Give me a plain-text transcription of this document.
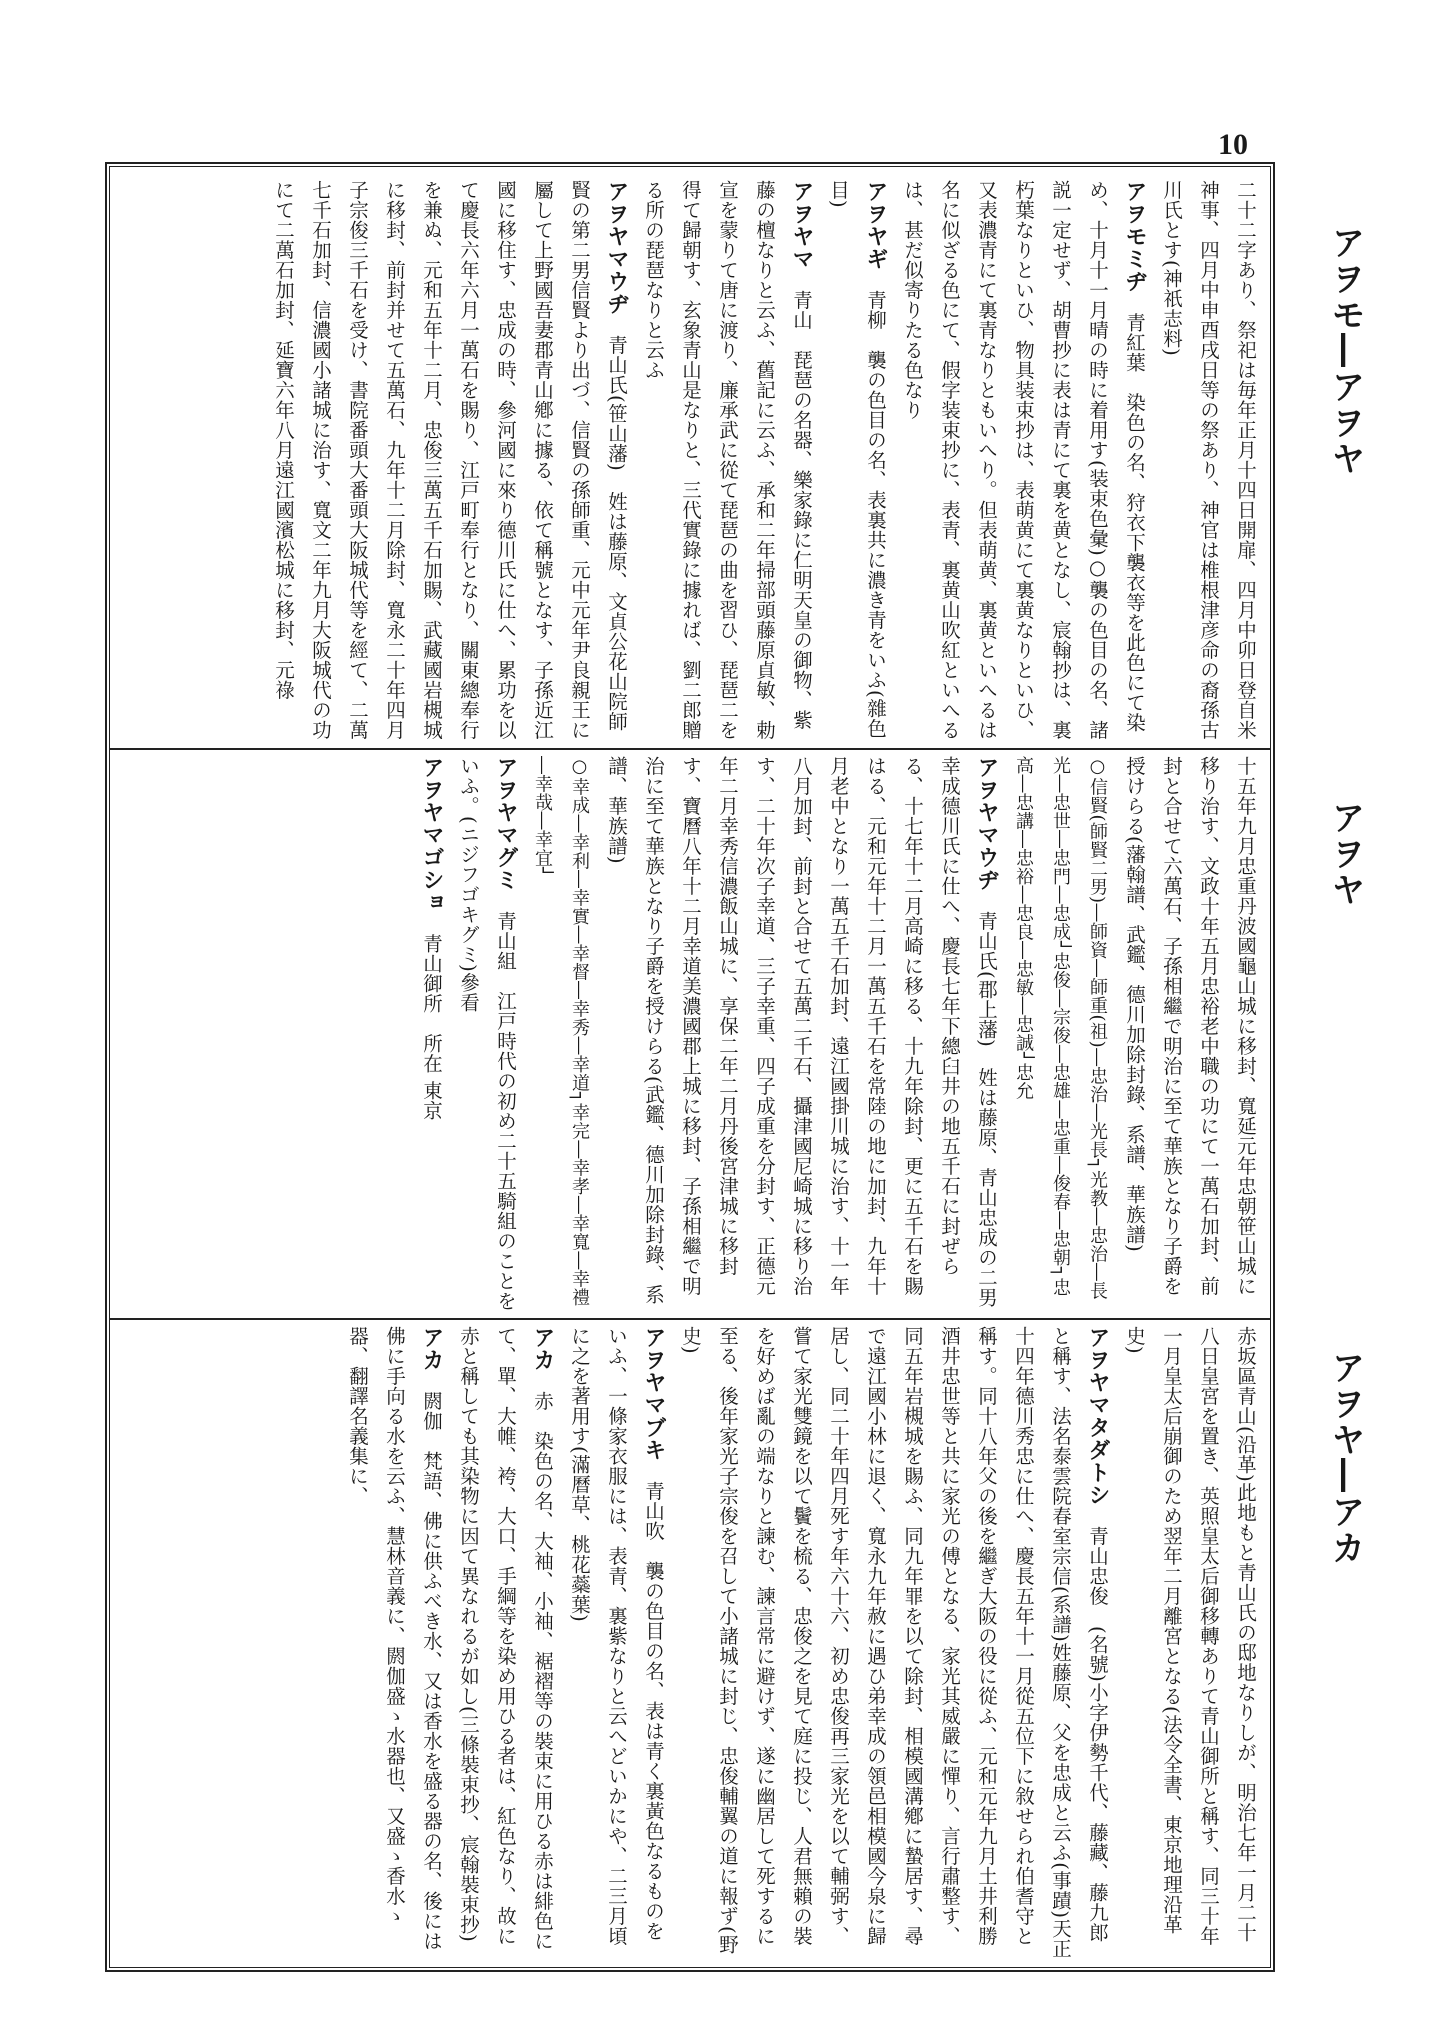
10
アヲモ―アヲヤ
アヲヤ
アヲヤ―アカ

二十二字あり、祭祀は毎年正月十四日開扉、四月中卯日登自米神事、四月中申酉戌日等の祭あり、神官は椎根津彦命の裔孫古川氏とす(神祇志料)

アヲモミヂ青紅葉染色の名、狩衣下襲衣等を此色にて染め、十月十一月晴の時に着用す(装束色彙)○襲の色目の名、諸説一定せず、胡曹抄に表は青にて裏を黄となし、宸翰抄は、裏朽葉なりといひ、物具装束抄は、表萌黄にて裏黄なりといひ、又表濃青にて裏青なりともいへり。但表萌黄、裏黄といへるは名に似ざる色にて、假字装束抄に、表青、裏黄山吹紅といへるは、甚だ似寄りたる色なり

アヲヤギ青柳襲の色目の名、表裏共に濃き青をいふ(雜色目)

アヲヤマ青山琵琶の名器、樂家錄に仁明天皇の御物、紫藤の檀なりと云ふ、舊記に云ふ、承和二年掃部頭藤原貞敏、勅宣を蒙りて唐に渡り、廉承武に從て琵琶の曲を習ひ、琵琶二を得て歸朝す、玄象青山是なりと、三代實錄に據れば、劉二郎贈る所の琵琶なりと云ふ

アヲヤマウヂ青山氏(笹山藩)姓は藤原、文貞公花山院師賢の第二男信賢より出づ、信賢の孫師重、元中元年尹良親王に屬して上野國吾妻郡青山鄕に據る、依て稱號となす、子孫近江國に移住す、忠成の時、參河國に來り德川氏に仕へ、累功を以て慶長六年六月一萬石を賜り、江戸町奉行となり、關東總奉行を兼ぬ、元和五年十二月、忠俊三萬五千石加賜、武藏國岩槻城に移封、前封并せて五萬石、九年十二月除封、寬永二十年四月子宗俊三千石を受け、書院番頭大番頭大阪城代等を經て、二萬七千石加封、信濃國小諸城に治す、寬文二年九月大阪城代の功にて二萬石加封、延寶六年八月遠江國濱松城に移封、元祿

十五年九月忠重丹波國龜山城に移封、寬延元年忠朝笹山城に移り治す、文政十年五月忠裕老中職の功にて一萬石加封、前封と合せて六萬石、子孫相繼で明治に至て華族となり子爵を授けらる(藩翰譜、武鑑、德川加除封錄、系譜、華族譜)

○信賢(師賢二男)―師資―師重(祖)―忠治―光長┐光教―忠治―長光―忠世―忠門―忠成┘忠俊―宗俊―忠雄―忠重―俊春―忠朝┐忠高―忠講―忠裕―忠良―忠敏―忠誠┘忠允

アヲヤマウヂ青山氏(郡上藩)姓は藤原、青山忠成の二男幸成德川氏に仕へ、慶長七年下總臼井の地五千石に封ぜらる、十七年十二月高崎に移る、十九年除封、更に五千石を賜はる、元和元年十二月一萬五千石を常陸の地に加封、九年十月老中となり一萬五千石加封、遠江國掛川城に治す、十一年八月加封、前封と合せて五萬二千石、攝津國尼崎城に移り治す、二十年次子幸道、三子幸重、四子成重を分封す、正德元年二月幸秀信濃飯山城に、享保二年二月丹後宮津城に移封す、寶曆八年十二月幸道美濃國郡上城に移封、子孫相繼で明治に至て華族となり子爵を授けらる(武鑑、德川加除封錄、系譜、華族譜)

○幸成―幸利―幸實―幸督―幸秀―幸道┐幸完―幸孝―幸寬―幸禮―幸哉―幸宜┘

アヲヤマグミ青山組江戸時代の初め二十五騎組のことをいふ。(ニジフゴキグミ)參看

アヲヤマゴショ青山御所所在 東京

赤坂區青山(沿革)此地もと青山氏の邸地なりしが、明治七年一月二十八日皇宮を置き、英照皇太后御移轉ありて青山御所と稱す、同三十年一月皇太后崩御のため翌年二月離宮となる(法令全書、東京地理沿革史)

アヲヤマタダトシ青山忠俊(名號)小字伊勢千代、藤藏、藤九郎と稱す、法名泰雲院春室宗信(系譜)姓藤原、父を忠成と云ふ(事蹟)天正十四年德川秀忠に仕へ、慶長五年十一月從五位下に敘せられ伯耆守と稱す。同十八年父の後を繼ぎ大阪の役に從ふ、元和元年九月土井利勝酒井忠世等と共に家光の傅となる、家光其威嚴に憚り、言行肅整す、同五年岩槻城を賜ふ、同九年罪を以て除封、相模國溝鄕に蟄居す、尋で遠江國小林に退く、寬永九年赦に遇ひ弟幸成の領邑相模國今泉に歸居し、同二十年四月死す年六十六、初め忠俊再三家光を以て輔弼す、嘗て家光雙鏡を以て鬢を梳る、忠俊之を見て庭に投じ、人君無賴の裝を好めば亂の端なりと諫む、諫言常に避けず、遂に幽居して死するに至る、後年家光子宗俊を召して小諸城に封じ、忠俊輔翼の道に報ず(野史)

アヲヤマブキ青山吹襲の色目の名、表は青く裏黃色なるものをいふ、一條家衣服には、表青、裏紫なりと云へどいかにや、二三月頃に之を著用す(滿曆草、桃花蘂葉)

アカ赤染色の名、大袖、小袖、裾褶等の裝束に用ひる赤は緋色にて、單、大帷、袴、大口、手綱等を染め用ひる者は、紅色なり、故に赤と稱しても其染物に因て異なれるが如し(三條裝束抄、宸翰裝束抄)

アカ閼伽梵語、佛に供ふべき水、又は香水を盛る器の名、後には佛に手向る水を云ふ、慧林音義に、閼伽盛ゝ水器也、又盛ゝ香水ゝ器、翻譯名義集に、
